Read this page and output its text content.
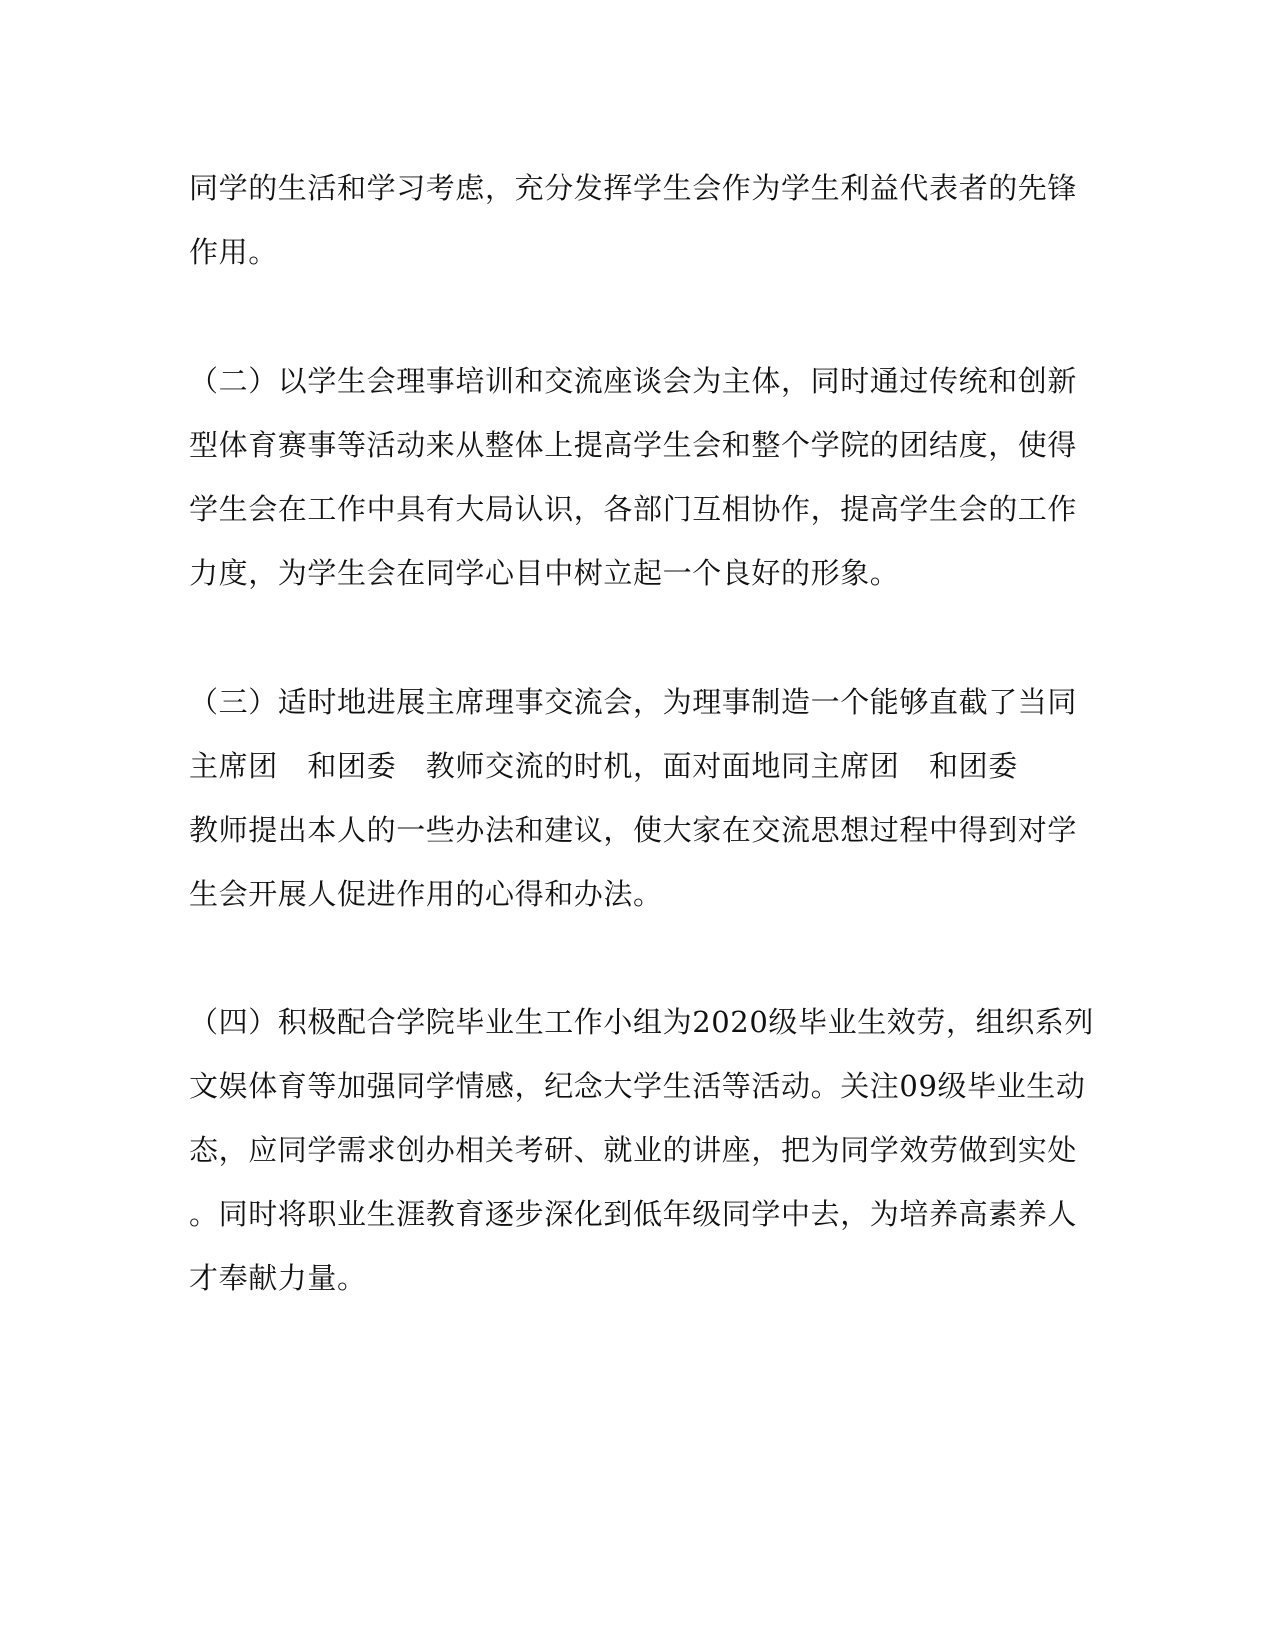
同学的生活和学习考虑，充分发挥学生会作为学生利益代表者的先锋
作用。
（二）以学生会理事培训和交流座谈会为主体，同时通过传统和创新
型体育赛事等活动来从整体上提高学生会和整个学院的团结度，使得
学生会在工作中具有大局认识，各部门互相协作，提高学生会的工作
力度，为学生会在同学心目中树立起一个良好的形象。
（三）适时地进展主席理事交流会，为理事制造一个能够直截了当同
主席团　和团委　教师交流的时机，面对面地同主席团　和团委
教师提出本人的一些办法和建议，使大家在交流思想过程中得到对学
生会开展人促进作用的心得和办法。
（四）积极配合学院毕业生工作小组为2020级毕业生效劳，组织系列
文娱体育等加强同学情感，纪念大学生活等活动。关注09级毕业生动
态，应同学需求创办相关考研、就业的讲座，把为同学效劳做到实处
。同时将职业生涯教育逐步深化到低年级同学中去，为培养高素养人
才奉献力量。
